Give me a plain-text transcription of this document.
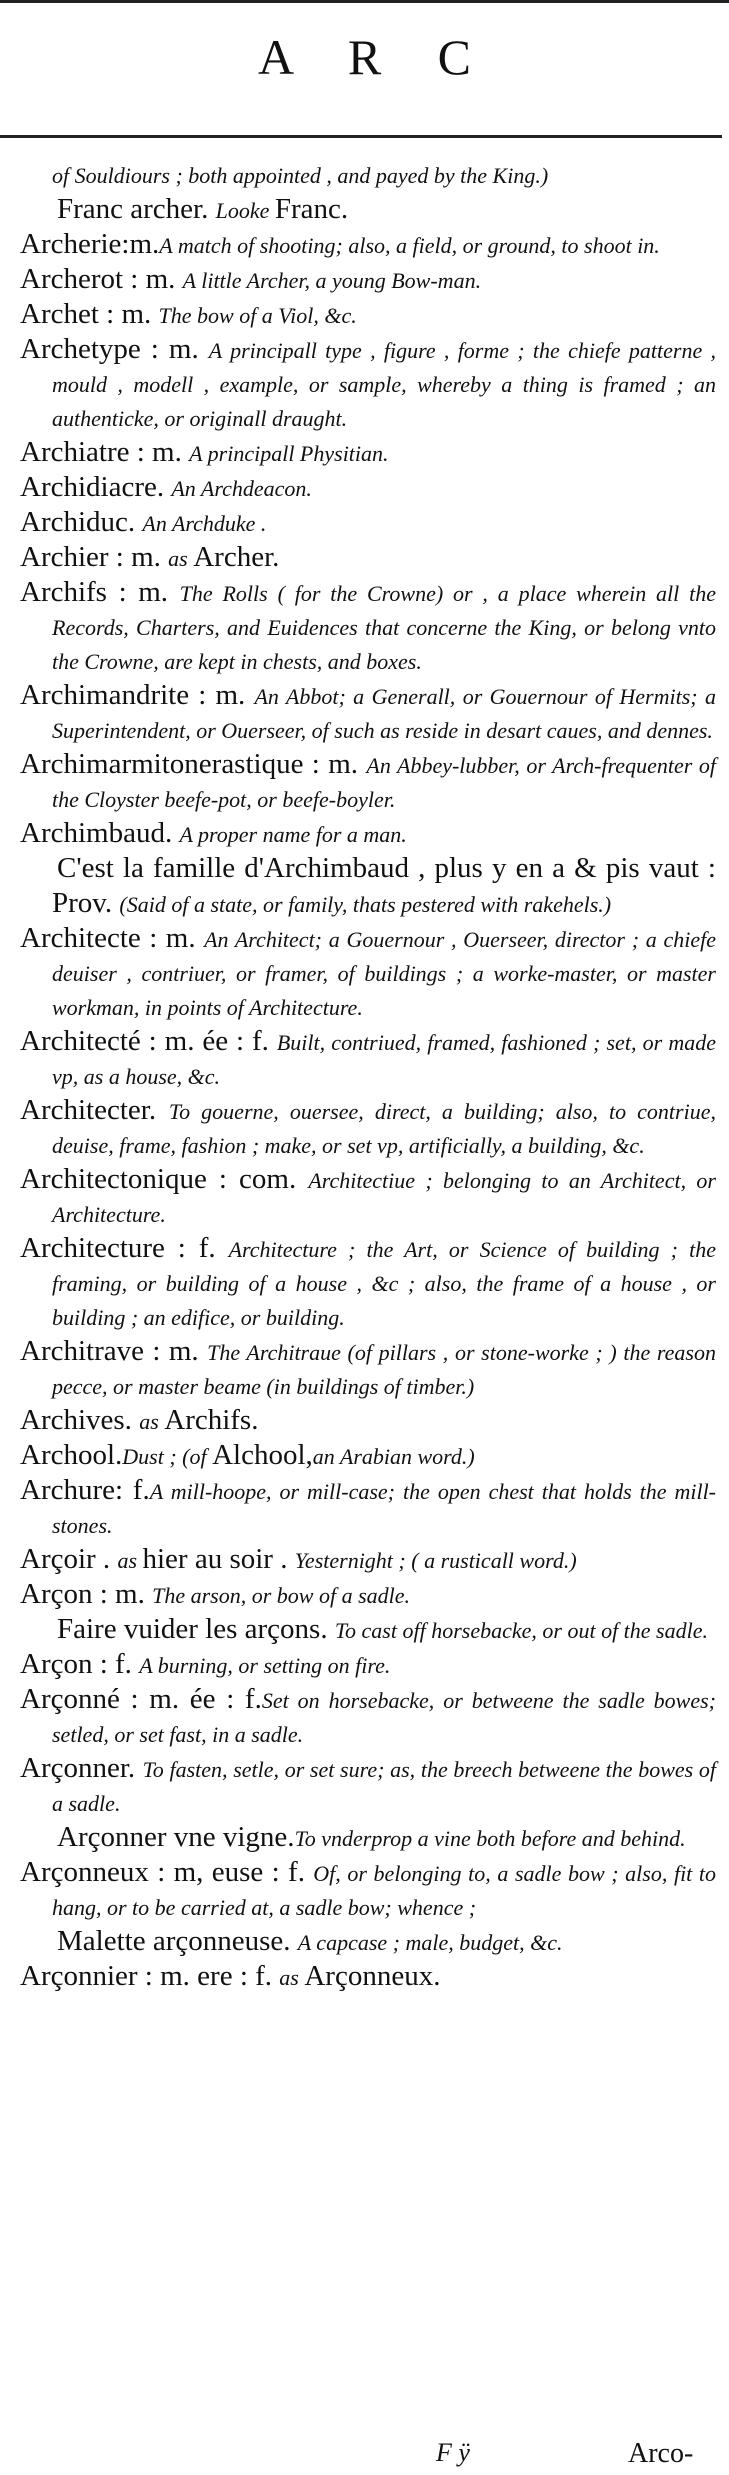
A R C

of Souldiours ; both appointed , and payed by the King.)

Franc archer. Looke Franc.

Archerie:m.A match of shooting; also, a field, or ground, to shoot in.

Archerot : m. A little Archer, a young Bow-man.

Archet : m. The bow of a Viol, &c.

Archetype : m. A principall type , figure , forme ; the chiefe patterne , mould , modell , example, or sample, whereby a thing is framed ; an authenticke, or originall draught.

Archiatre : m. A principall Physitian.

Archidiacre. An Archdeacon.

Archiduc. An Archduke .

Archier : m. as Archer.

Archifs : m. The Rolls ( for the Crowne) or , a place wherein all the Records, Charters, and Euidences that concerne the King, or belong vnto the Crowne, are kept in chests, and boxes.

Archimandrite : m. An Abbot; a Generall, or Gouernour of Hermits; a Superintendent, or Ouerseer, of such as reside in desart caues, and dennes.

Archimarmitonerastique : m. An Abbey-lubber, or Arch-frequenter of the Cloyster beefe-pot, or beefe-boyler.

Archimbaud. A proper name for a man.

C'est la famille d'Archimbaud , plus y en a & pis vaut : Prov. (Said of a state, or family, thats pestered with rakehels.)

Architecte : m. An Architect; a Gouernour , Ouerseer, director ; a chiefe deuiser , contriuer, or framer, of buildings ; a worke-master, or master workman, in points of Architecture.

Architecté : m. ée : f. Built, contriued, framed, fashioned ; set, or made vp, as a house, &c.

Architecter. To gouerne, ouersee, direct, a building; also, to contriue, deuise, frame, fashion ; make, or set vp, artificially, a building, &c.

Architectonique : com. Architectiue ; belonging to an Architect, or Architecture.

Architecture : f. Architecture ; the Art, or Science of building ; the framing, or building of a house , &c ; also, the frame of a house , or building ; an edifice, or building.

Architrave : m. The Architraue (of pillars , or stone-worke ; ) the reason pecce, or master beame (in buildings of timber.)

Archives. as Archifs.

Archool.Dust ; (of Alchool,an Arabian word.)

Archure: f.A mill-hoope, or mill-case; the open chest that holds the mill-stones.

Arçoir . as hier au soir . Yesternight ; ( a rusticall word.)

Arçon : m. The arson, or bow of a sadle.

Faire vuider les arçons. To cast off horsebacke, or out of the sadle.

Arçon : f. A burning, or setting on fire.

Arçonné : m. ée : f.Set on horsebacke, or betweene the sadle bowes; setled, or set fast, in a sadle.

Arçonner. To fasten, setle, or set sure; as, the breech betweene the bowes of a sadle.

Arçonner vne vigne.To vnderprop a vine both before and behind.

Arçonneux : m, euse : f. Of, or belonging to, a sadle bow ; also, fit to hang, or to be carried at, a sadle bow; whence ;

Malette arçonneuse. A capcase ; male, budget, &c.

Arçonnier : m. ere : f. as Arçonneux.

F ÿ	Arco-
